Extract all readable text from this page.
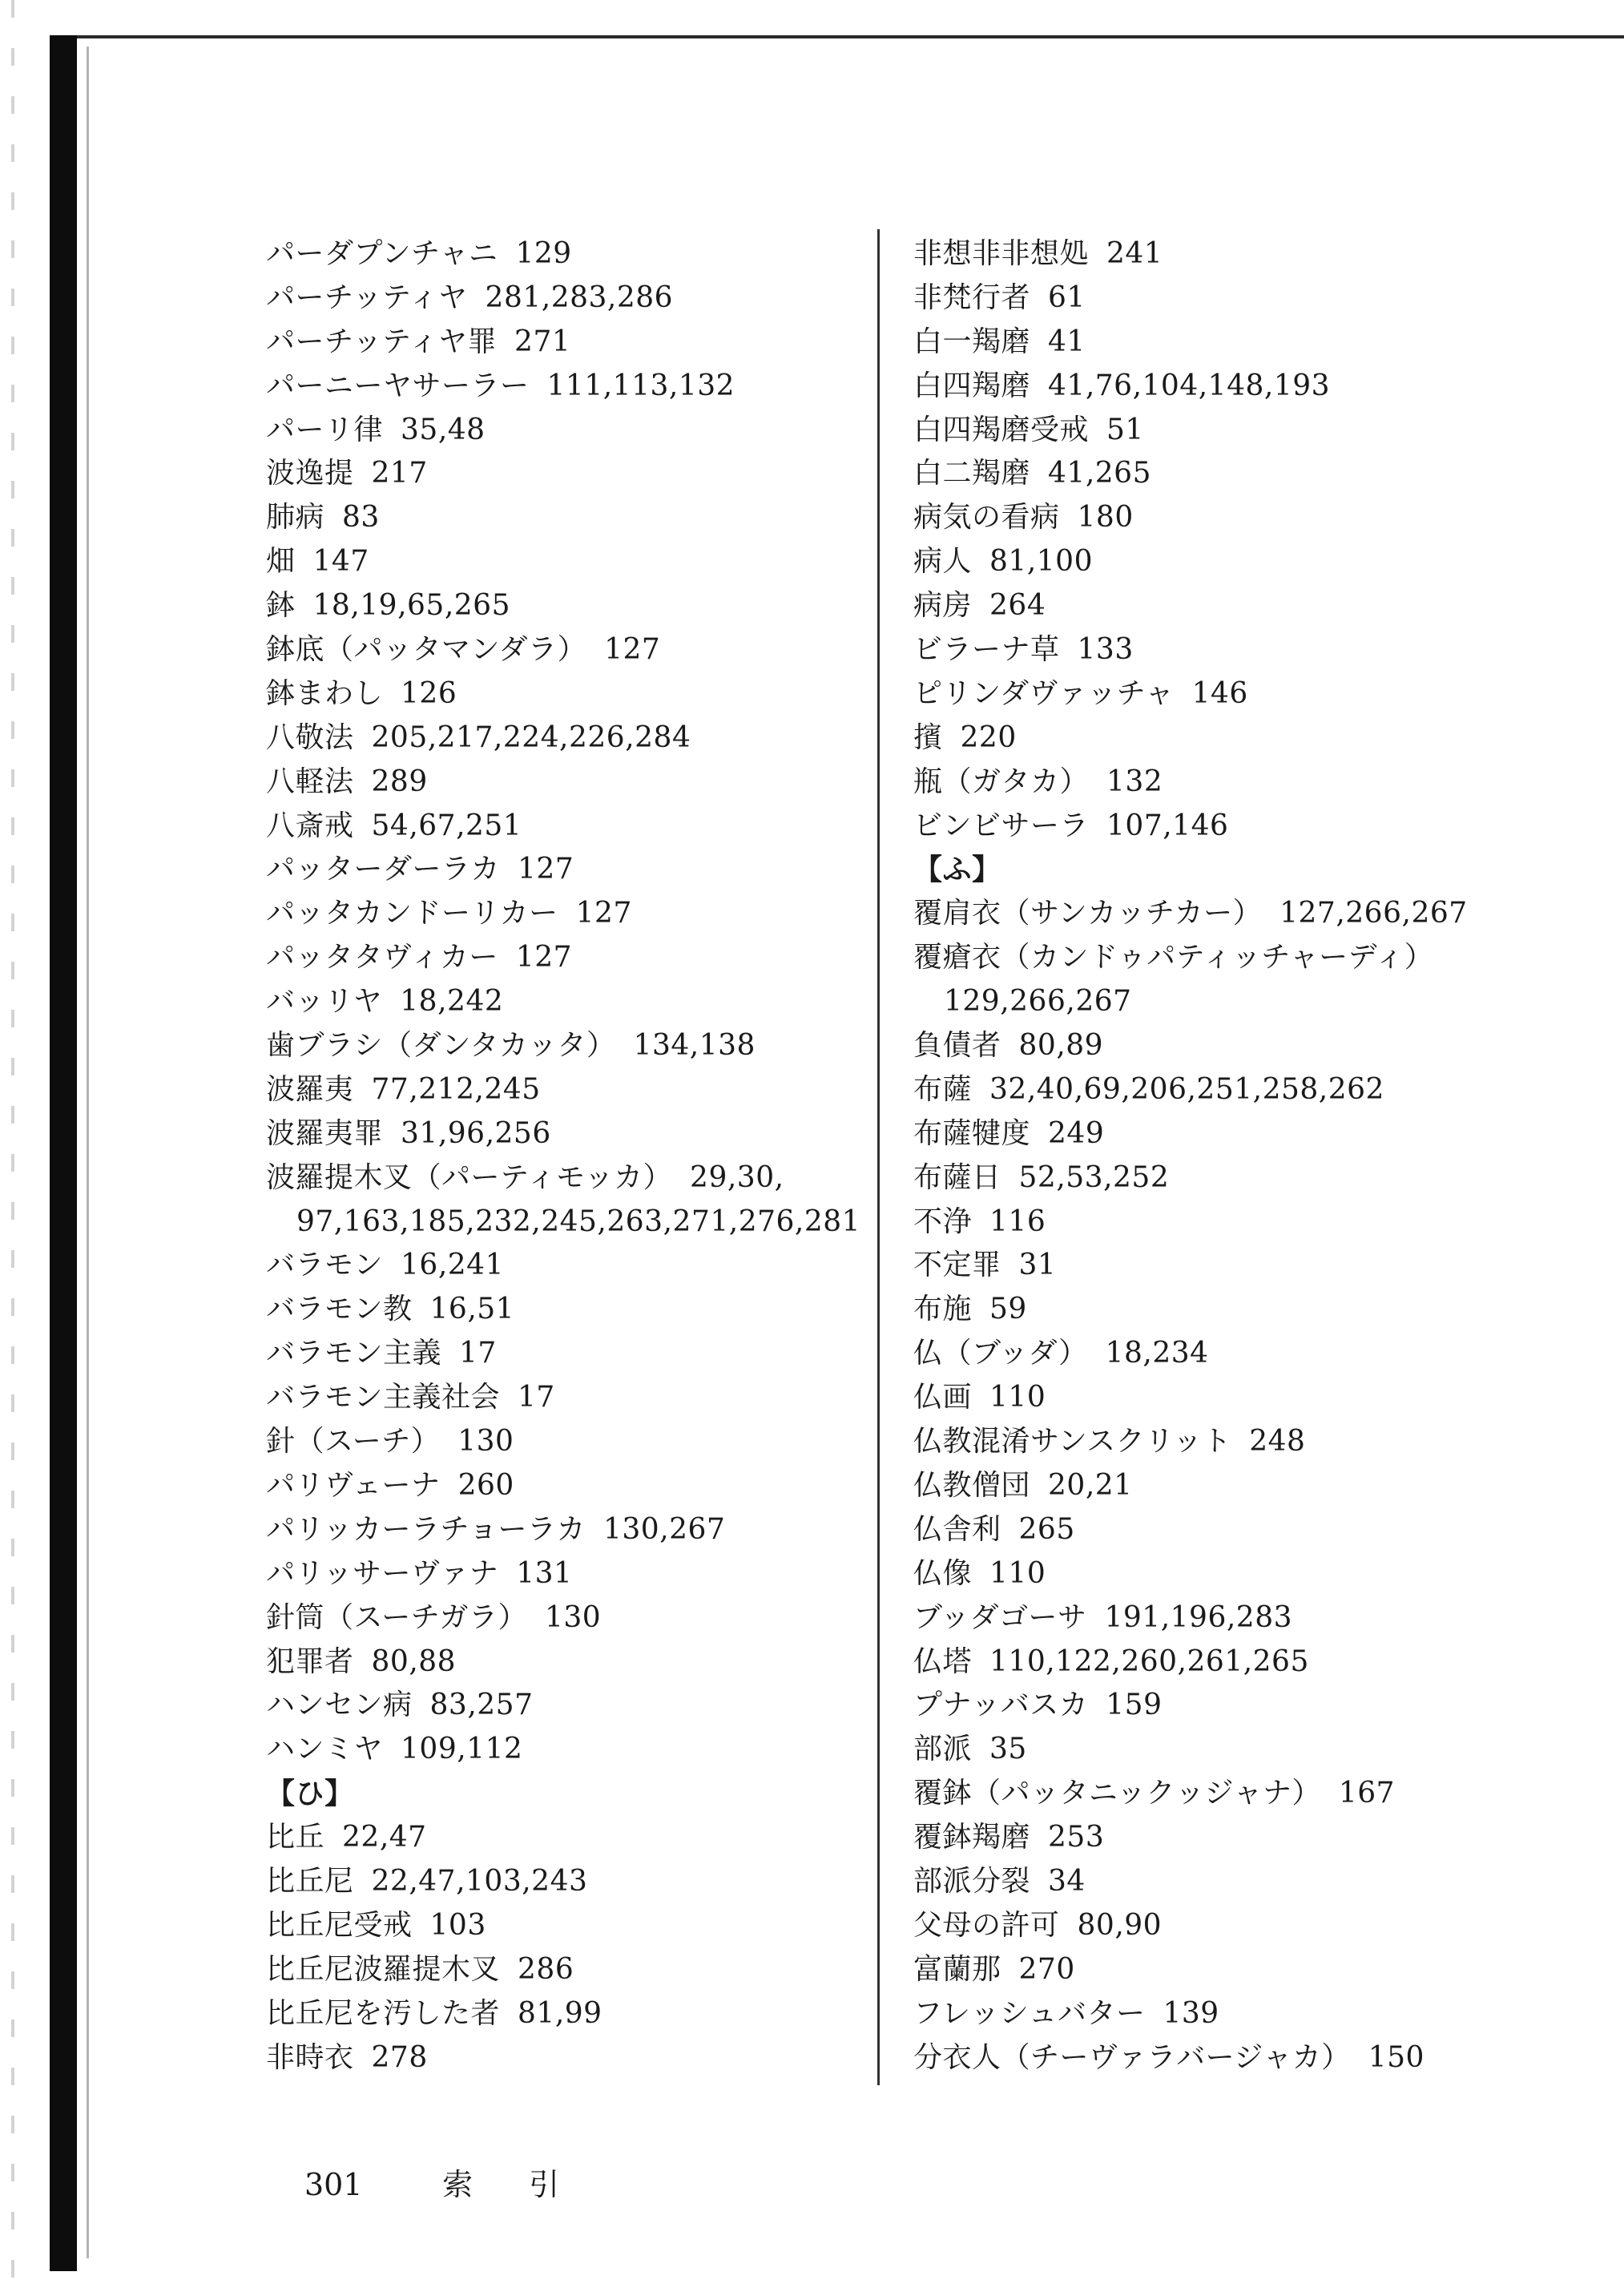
パーダプンチャニ 129
パーチッティヤ 281,283,286
パーチッティヤ罪 271
パーニーヤサーラー 111,113,132
パーリ律 35,48
波逸提 217
肺病 83
畑 147
鉢 18,19,65,265
鉢底（パッタマンダラ） 127
鉢まわし 126
八敬法 205,217,224,226,284
八軽法 289
八斎戒 54,67,251
パッターダーラカ 127
パッタカンドーリカー 127
パッタタヴィカー 127
バッリヤ 18,242
歯ブラシ（ダンタカッタ） 134,138
波羅夷 77,212,245
波羅夷罪 31,96,256
波羅提木叉（パーティモッカ） 29,30,
97,163,185,232,245,263,271,276,281
バラモン 16,241
バラモン教 16,51
バラモン主義 17
バラモン主義社会 17
針（スーチ） 130
パリヴェーナ 260
パリッカーラチョーラカ 130,267
パリッサーヴァナ 131
針筒（スーチガラ） 130
犯罪者 80,88
ハンセン病 83,257
ハンミヤ 109,112
【ひ】
比丘 22,47
比丘尼 22,47,103,243
比丘尼受戒 103
比丘尼波羅提木叉 286
比丘尼を汚した者 81,99
非時衣 278
非想非非想処 241
非梵行者 61
白一羯磨 41
白四羯磨 41,76,104,148,193
白四羯磨受戒 51
白二羯磨 41,265
病気の看病 180
病人 81,100
病房 264
ビラーナ草 133
ピリンダヴァッチャ 146
擯 220
瓶（ガタカ） 132
ビンビサーラ 107,146
【ふ】
覆肩衣（サンカッチカー） 127,266,267
覆瘡衣（カンドゥパティッチャーディ）
129,266,267
負債者 80,89
布薩 32,40,69,206,251,258,262
布薩犍度 249
布薩日 52,53,252
不浄 116
不定罪 31
布施 59
仏（ブッダ） 18,234
仏画 110
仏教混淆サンスクリット 248
仏教僧団 20,21
仏舎利 265
仏像 110
ブッダゴーサ 191,196,283
仏塔 110,122,260,261,265
プナッバスカ 159
部派 35
覆鉢（パッタニックッジャナ） 167
覆鉢羯磨 253
部派分裂 34
父母の許可 80,90
富蘭那 270
フレッシュバター 139
分衣人（チーヴァラバージャカ） 150
301	索引
